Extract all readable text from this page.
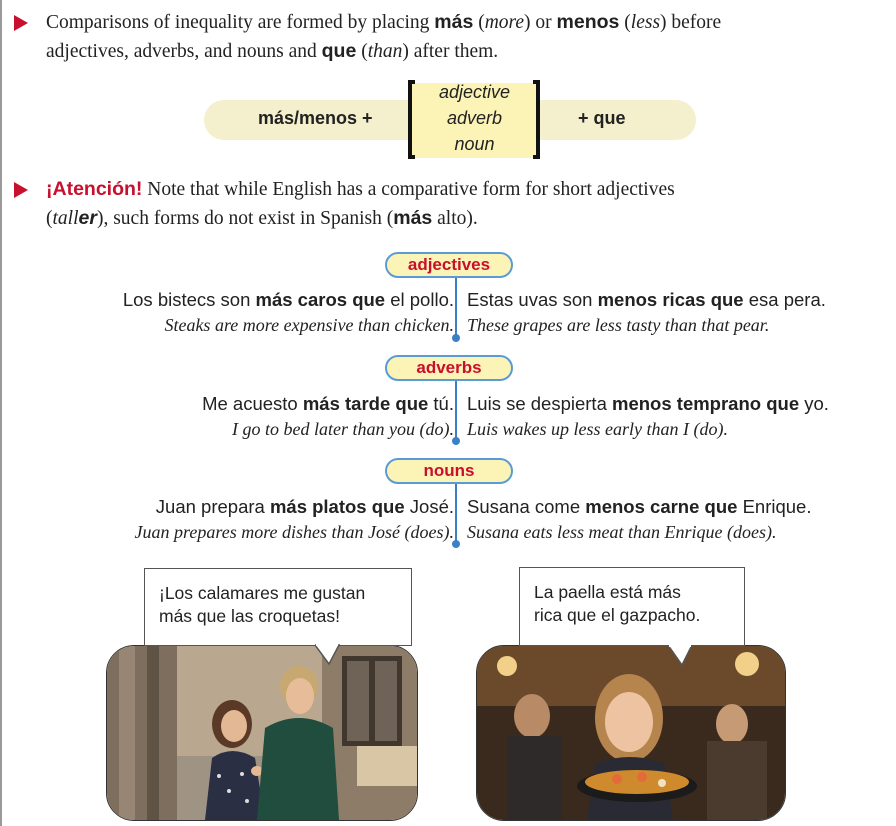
Comparisons of inequality are formed by placing más (more) or menos (less) before
adjectives, adverbs, and nouns and que (than) after them.
más/menos +
adjective
adverb
noun
+ que
¡Atención! Note that while English has a comparative form for short adjectives
(taller), such forms do not exist in Spanish (más alto).
adjectives
Los bistecs son más caros que el pollo.
Steaks are more expensive than chicken.
Estas uvas son menos ricas que esa pera.
These grapes are less tasty than that pear.
adverbs
Me acuesto más tarde que tú.
I go to bed later than you (do).
Luis se despierta menos temprano que yo.
Luis wakes up less early than I (do).
nouns
Juan prepara más platos que José.
Juan prepares more dishes than José (does).
Susana come menos carne que Enrique.
Susana eats less meat than Enrique (does).
¡Los calamares me gustan
más que las croquetas!
La paella está más
rica que el gazpacho.
